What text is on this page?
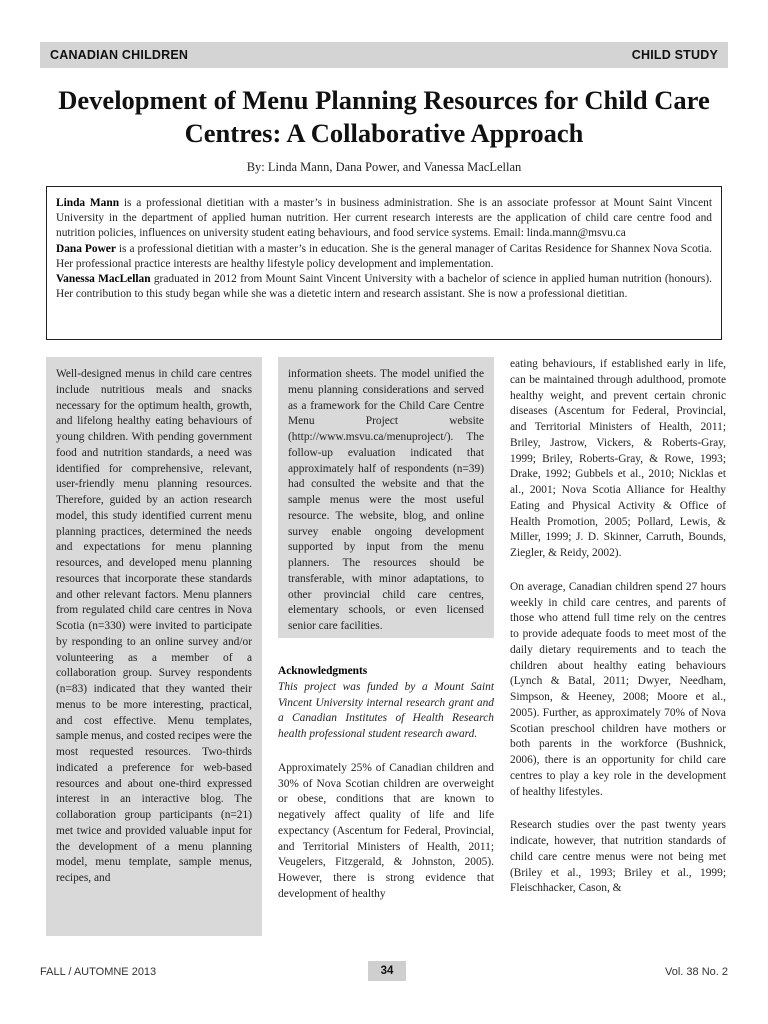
CANADIAN CHILDREN	CHILD STUDY
Development of Menu Planning Resources for Child Care Centres: A Collaborative Approach
By: Linda Mann, Dana Power, and Vanessa MacLellan

Linda Mann is a professional dietitian with a master’s in business administration. She is an associate professor at Mount Saint Vincent University in the department of applied human nutrition. Her current research interests are the application of child care centre food and nutrition policies, influences on university student eating behaviours, and food service systems. Email: linda.mann@msvu.ca

Dana Power is a professional dietitian with a master’s in education. She is the general manager of Caritas Residence for Shannex Nova Scotia. Her professional practice interests are healthy lifestyle policy development and implementation.

Vanessa MacLellan graduated in 2012 from Mount Saint Vincent University with a bachelor of science in applied human nutrition (honours). Her contribution to this study began while she was a dietetic intern and research assistant. She is now a professional dietitian.

Well-designed menus in child care centres include nutritious meals and snacks necessary for the optimum health, growth, and lifelong healthy eating behaviours of young children. With pending government food and nutrition standards, a need was identified for comprehensive, relevant, user-friendly menu planning resources. Therefore, guided by an action research model, this study identified current menu planning practices, determined the needs and expectations for menu planning resources, and developed menu planning resources that incorporate these standards and other relevant factors. Menu planners from regulated child care centres in Nova Scotia (n=330) were invited to participate by responding to an online survey and/or volunteering as a member of a collaboration group. Survey respondents (n=83) indicated that they wanted their menus to be more interesting, practical, and cost effective. Menu templates, sample menus, and costed recipes were the most requested resources. Two-thirds indicated a preference for web-based resources and about one-third expressed interest in an interactive blog. The collaboration group participants (n=21) met twice and provided valuable input for the development of a menu planning model, menu template, sample menus, recipes, and

information sheets. The model unified the menu planning considerations and served as a framework for the Child Care Centre Menu Project website (http://www.msvu.ca/menuproject/). The follow-up evaluation indicated that approximately half of respondents (n=39) had consulted the website and that the sample menus were the most useful resource. The website, blog, and online survey enable ongoing development supported by input from the menu planners. The resources should be transferable, with minor adaptations, to other provincial child care centres, elementary schools, or even licensed senior care facilities.

Acknowledgments

This project was funded by a Mount Saint Vincent University internal research grant and a Canadian Institutes of Health Research health professional student research award.

Approximately 25% of Canadian children and 30% of Nova Scotian children are overweight or obese, conditions that are known to negatively affect quality of life and life expectancy (Ascentum for Federal, Provincial, and Territorial Ministers of Health, 2011; Veugelers, Fitzgerald, & Johnston, 2005). However, there is strong evidence that development of healthy

eating behaviours, if established early in life, can be maintained through adulthood, promote healthy weight, and prevent certain chronic diseases (Ascentum for Federal, Provincial, and Territorial Ministers of Health, 2011; Briley, Jastrow, Vickers, & Roberts-Gray, 1999; Briley, Roberts-Gray, & Rowe, 1993; Drake, 1992; Gubbels et al., 2010; Nicklas et al., 2001; Nova Scotia Alliance for Healthy Eating and Physical Activity & Office of Health Promotion, 2005; Pollard, Lewis, & Miller, 1999; J. D. Skinner, Carruth, Bounds, Ziegler, & Reidy, 2002).

On average, Canadian children spend 27 hours weekly in child care centres, and parents of those who attend full time rely on the centres to provide adequate foods to meet most of the daily dietary requirements and to teach the children about healthy eating behaviours (Lynch & Batal, 2011; Dwyer, Needham, Simpson, & Heeney, 2008; Moore et al., 2005). Further, as approximately 70% of Nova Scotian preschool children have mothers or both parents in the workforce (Bushnick, 2006), there is an opportunity for child care centres to play a key role in the development of healthy lifestyles.

Research studies over the past twenty years indicate, however, that nutrition standards of child care centre menus were not being met (Briley et al., 1993; Briley et al., 1999; Fleischhacker, Cason, &

FALL / AUTOMNE 2013	34	Vol. 38 No. 2
